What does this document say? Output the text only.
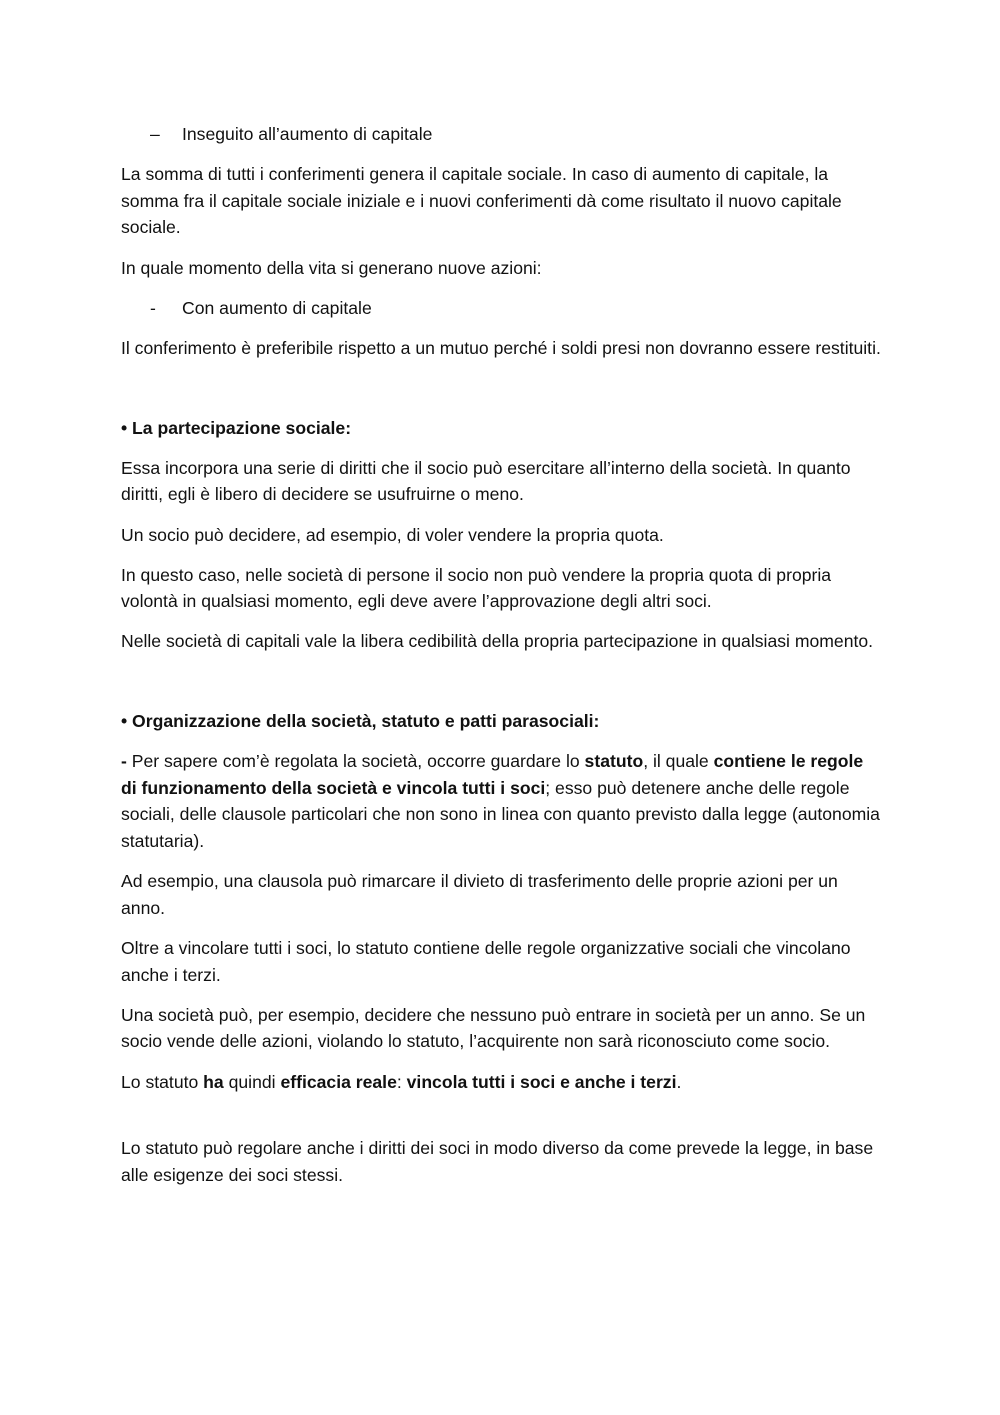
– Inseguito all’aumento di capitale

La somma di tutti i conferimenti genera il capitale sociale. In caso di aumento di capitale, la somma fra il capitale sociale iniziale e i nuovi conferimenti dà come risultato il nuovo capitale sociale.

In quale momento della vita si generano nuove azioni:

- Con aumento di capitale

Il conferimento è preferibile rispetto a un mutuo perché i soldi presi non dovranno essere restituiti.

• La partecipazione sociale:

Essa incorpora una serie di diritti che il socio può esercitare all’interno della società. In quanto diritti, egli è libero di decidere se usufruirne o meno.

Un socio può decidere, ad esempio, di voler vendere la propria quota.

In questo caso, nelle società di persone il socio non può vendere la propria quota di propria volontà in qualsiasi momento, egli deve avere l’approvazione degli altri soci.

Nelle società di capitali vale la libera cedibilità della propria partecipazione in qualsiasi momento.

• Organizzazione della società, statuto e patti parasociali:

- Per sapere com’è regolata la società, occorre guardare lo statuto, il quale contiene le regole di funzionamento della società e vincola tutti i soci; esso può detenere anche delle regole sociali, delle clausole particolari che non sono in linea con quanto previsto dalla legge (autonomia statutaria).

Ad esempio, una clausola può rimarcare il divieto di trasferimento delle proprie azioni per un anno.

Oltre a vincolare tutti i soci, lo statuto contiene delle regole organizzative sociali che vincolano anche i terzi.

Una società può, per esempio, decidere che nessuno può entrare in società per un anno. Se un socio vende delle azioni, violando lo statuto, l’acquirente non sarà riconosciuto come socio.

Lo statuto ha quindi efficacia reale: vincola tutti i soci e anche i terzi.

Lo statuto può regolare anche i diritti dei soci in modo diverso da come prevede la legge, in base alle esigenze dei soci stessi.
